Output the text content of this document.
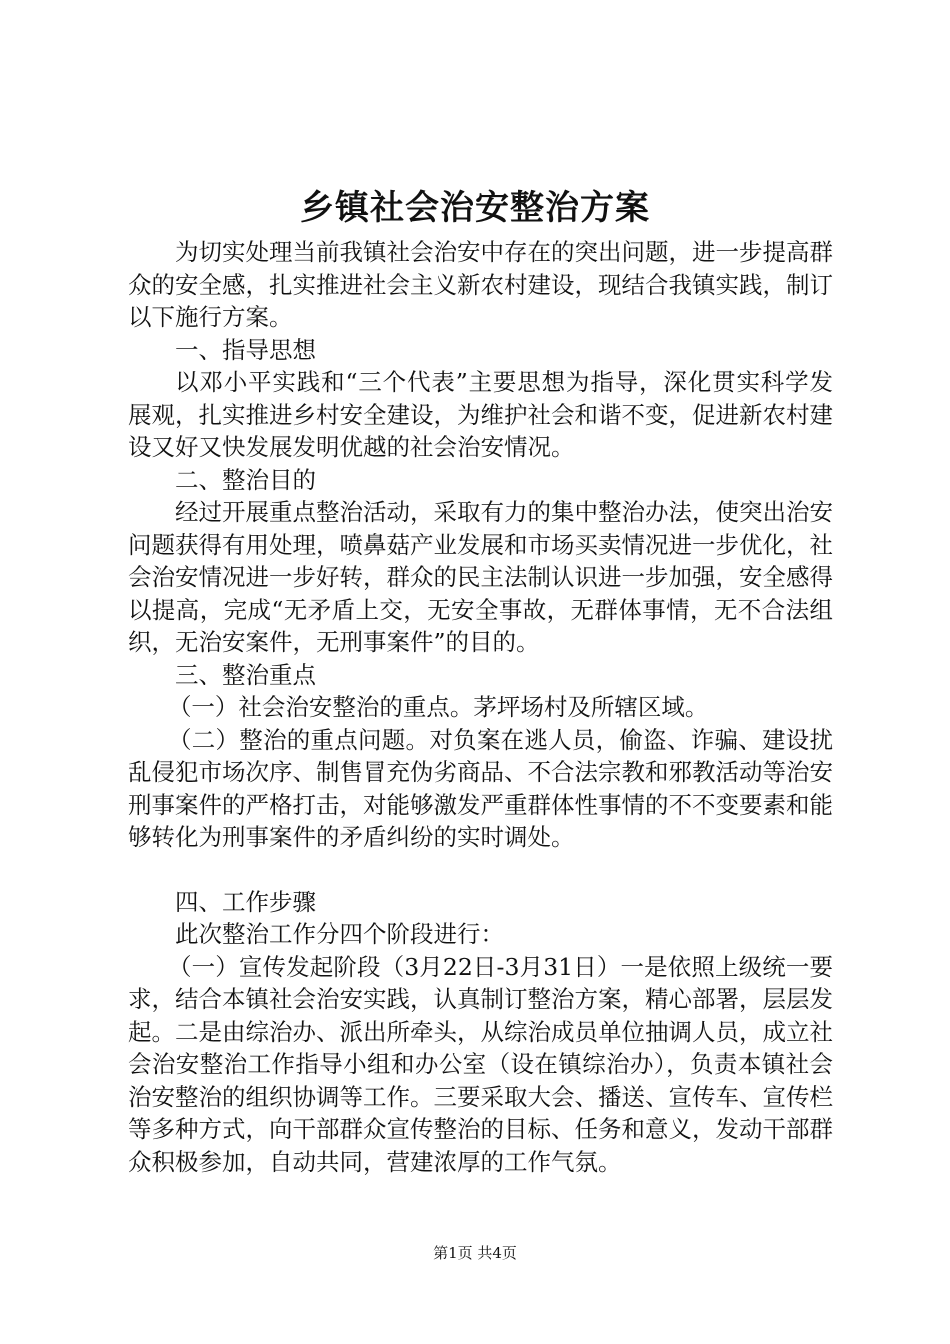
乡镇社会治安整治方案

为切实处理当前我镇社会治安中存在的突出问题，进一步提高群众的安全感，扎实推进社会主义新农村建设，现结合我镇实践，制订以下施行方案。

一、指导思想

以邓小平实践和“三个代表”主要思想为指导，深化贯实科学发展观，扎实推进乡村安全建设，为维护社会和谐不变，促进新农村建设又好又快发展发明优越的社会治安情况。

二、整治目的

经过开展重点整治活动，采取有力的集中整治办法，使突出治安问题获得有用处理，喷鼻菇产业发展和市场买卖情况进一步优化，社会治安情况进一步好转，群众的民主法制认识进一步加强，安全感得以提高，完成“无矛盾上交，无安全事故，无群体事情，无不合法组织，无治安案件，无刑事案件”的目的。

三、整治重点

（一）社会治安整治的重点。茅坪场村及所辖区域。

（二）整治的重点问题。对负案在逃人员，偷盗、诈骗、建设扰乱侵犯市场次序、制售冒充伪劣商品、不合法宗教和邪教活动等治安刑事案件的严格打击，对能够激发严重群体性事情的不不变要素和能够转化为刑事案件的矛盾纠纷的实时调处。

四、工作步骤

此次整治工作分四个阶段进行：

（一）宣传发起阶段（3月22日-3月31日）一是依照上级统一要求，结合本镇社会治安实践，认真制订整治方案，精心部署，层层发起。二是由综治办、派出所牵头，从综治成员单位抽调人员，成立社会治安整治工作指导小组和办公室（设在镇综治办），负责本镇社会治安整治的组织协调等工作。三要采取大会、播送、宣传车、宣传栏等多种方式，向干部群众宣传整治的目标、任务和意义，发动干部群众积极参加，自动共同，营建浓厚的工作气氛。

第1页 共4页
